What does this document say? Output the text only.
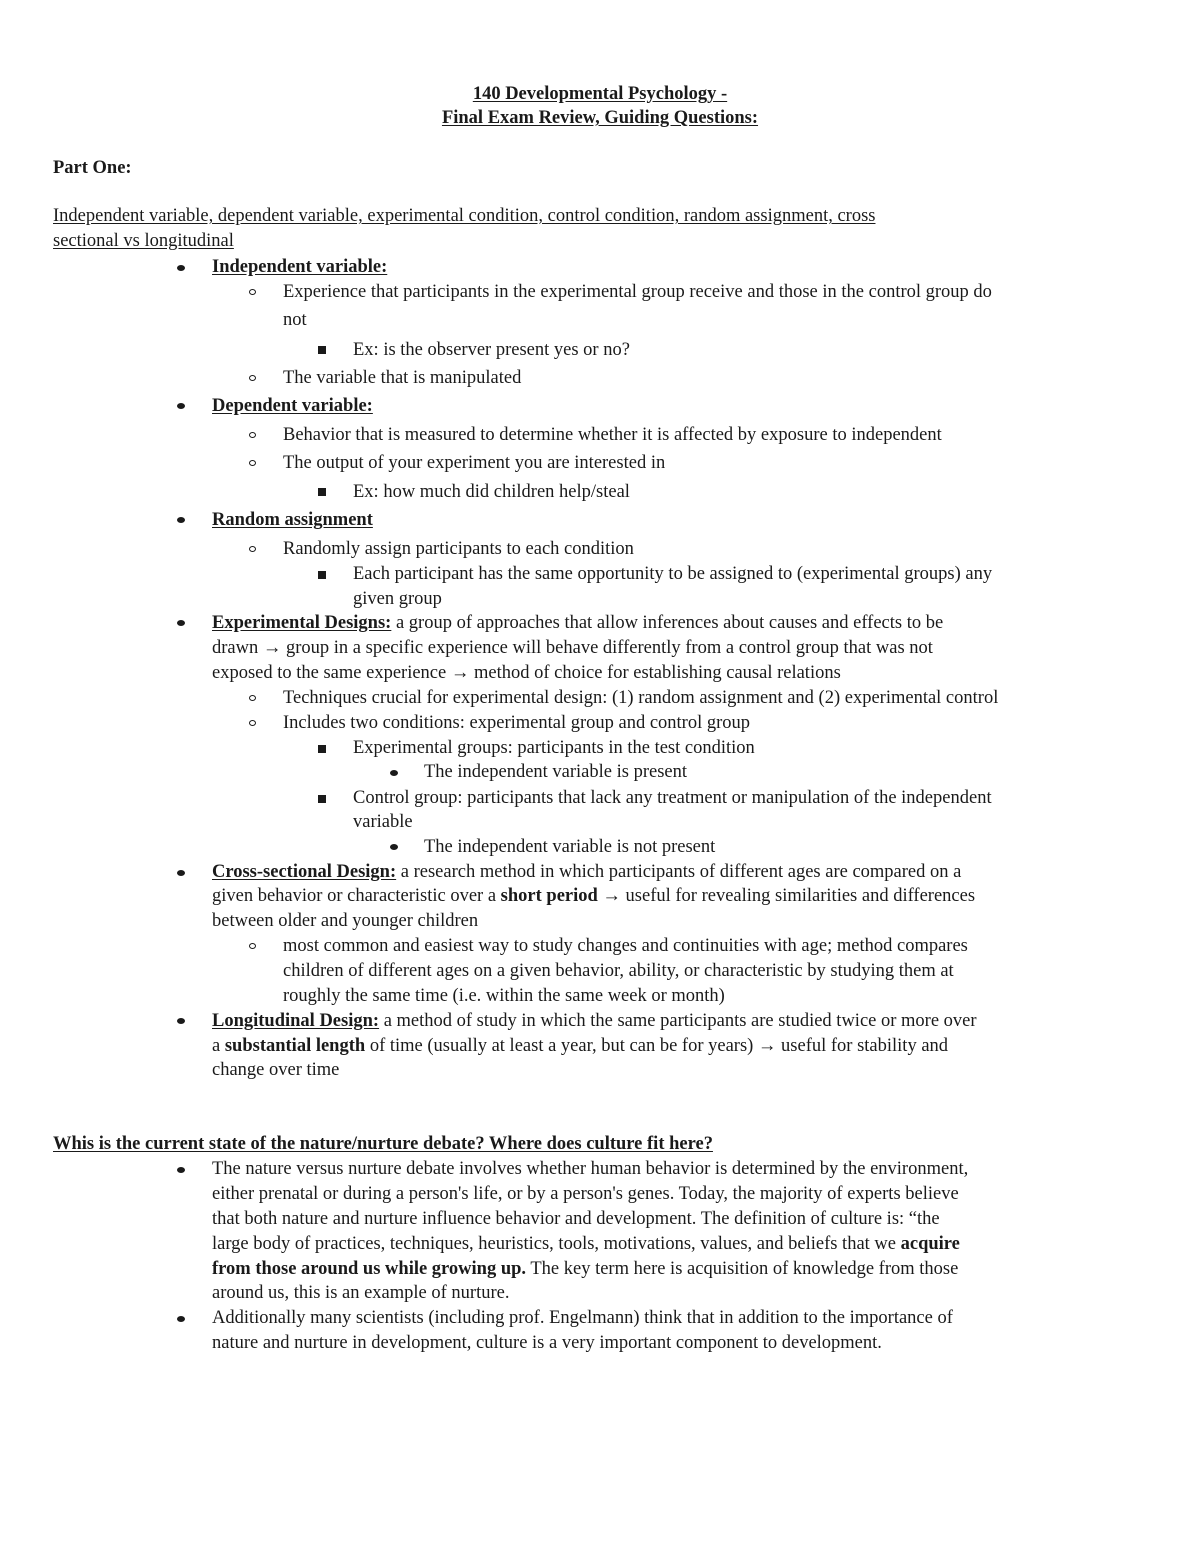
140 Developmental Psychology -
Final Exam Review, Guiding Questions:
Part One:
Independent variable, dependent variable, experimental condition, control condition, random assignment, cross
sectional vs longitudinal
Independent variable:
Experience that participants in the experimental group receive and those in the control group do
not
Ex: is the observer present yes or no?
The variable that is manipulated
Dependent variable:
Behavior that is measured to determine whether it is affected by exposure to independent
The output of your experiment you are interested in
Ex: how much did children help/steal
Random assignment
Randomly assign participants to each condition
Each participant has the same opportunity to be assigned to (experimental groups) any
given group
Experimental Designs: a group of approaches that allow inferences about causes and effects to be
drawn → group in a specific experience will behave differently from a control group that was not
exposed to the same experience → method of choice for establishing causal relations
Techniques crucial for experimental design: (1) random assignment and (2) experimental control
Includes two conditions: experimental group and control group
Experimental groups: participants in the test condition
The independent variable is present
Control group: participants that lack any treatment or manipulation of the independent
variable
The independent variable is not present
Cross-sectional Design: a research method in which participants of different ages are compared on a
given behavior or characteristic over a short period → useful for revealing similarities and differences
between older and younger children
most common and easiest way to study changes and continuities with age; method compares
children of different ages on a given behavior, ability, or characteristic by studying them at
roughly the same time (i.e. within the same week or month)
Longitudinal Design: a method of study in which the same participants are studied twice or more over
a substantial length of time (usually at least a year, but can be for years) → useful for stability and
change over time
Whis is the current state of the nature/nurture debate? Where does culture fit here?
The nature versus nurture debate involves whether human behavior is determined by the environment,
either prenatal or during a person's life, or by a person's genes. Today, the majority of experts believe
that both nature and nurture influence behavior and development. The definition of culture is: “the
large body of practices, techniques, heuristics, tools, motivations, values, and beliefs that we acquire
from those around us while growing up. The key term here is acquisition of knowledge from those
around us, this is an example of nurture.
Additionally many scientists (including prof. Engelmann) think that in addition to the importance of
nature and nurture in development, culture is a very important component to development.
